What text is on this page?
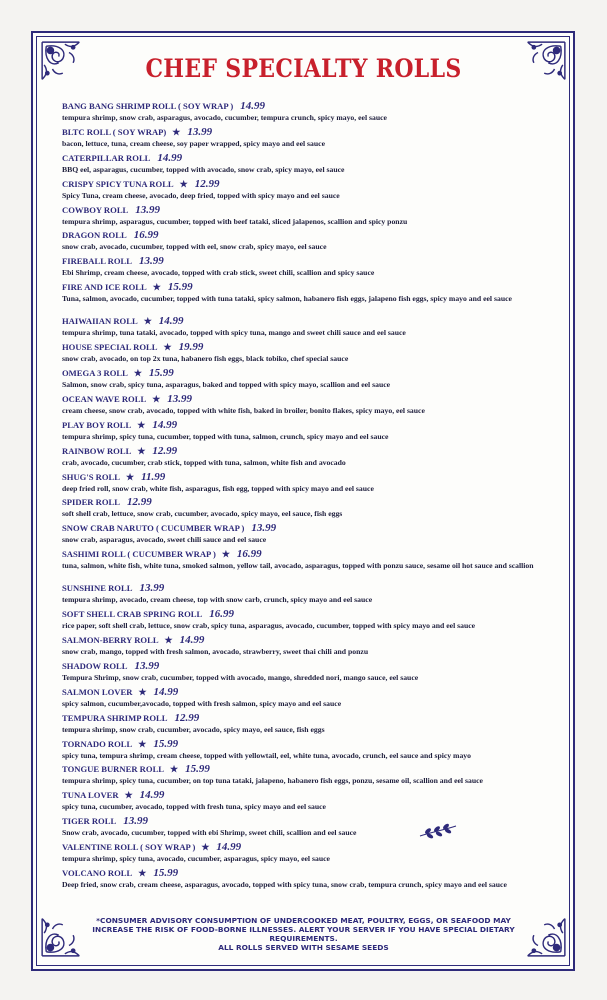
CHEF SPECIALTY ROLLS
BANG BANG SHRIMP ROLL ( SOY WRAP ) 14.99
tempura shrimp, snow crab, asparagus, avocado, cucumber, tempura crunch, spicy mayo, eel sauce
BLTC ROLL ( SOY WRAP) ★ 13.99
bacon, lettuce, tuna, cream cheese, soy paper wrapped, spicy mayo and eel sauce
CATERPILLAR ROLL 14.99
BBQ eel, asparagus, cucumber, topped with avocado, snow crab, spicy mayo, eel sauce
CRISPY SPICY TUNA ROLL ★ 12.99
Spicy Tuna, cream cheese, avocado, deep fried, topped with spicy mayo and eel sauce
COWBOY ROLL 13.99
tempura shrimp, asparagus, cucumber, topped with beef tataki, sliced jalapenos, scallion and spicy ponzu
DRAGON ROLL 16.99
snow crab, avocado, cucumber, topped with eel, snow crab, spicy mayo, eel sauce
FIREBALL ROLL 13.99
Ebi Shrimp, cream cheese, avocado, topped with crab stick, sweet chili, scallion and spicy sauce
FIRE AND ICE ROLL ★ 15.99
Tuna, salmon, avocado, cucumber, topped with tuna tataki, spicy salmon, habanero fish eggs, jalapeno fish eggs, spicy mayo and eel sauce
HAIWAIIAN ROLL ★ 14.99
tempura shrimp, tuna tataki, avocado, topped with spicy tuna, mango and sweet chili sauce and eel sauce
HOUSE SPECIAL ROLL ★ 19.99
snow crab, avocado, on top 2x tuna, habanero fish eggs, black tobiko, chef special sauce
OMEGA 3 ROLL ★ 15.99
Salmon, snow crab, spicy tuna, asparagus, baked and topped with spicy mayo, scallion and eel sauce
OCEAN WAVE ROLL ★ 13.99
cream cheese, snow crab, avocado, topped with white fish, baked in broiler, bonito flakes, spicy mayo, eel sauce
PLAY BOY ROLL ★ 14.99
tempura shrimp, spicy tuna, cucumber, topped with tuna, salmon, crunch, spicy mayo and eel sauce
RAINBOW ROLL ★ 12.99
crab, avocado, cucumber, crab stick, topped with tuna, salmon, white fish and avocado
SHUG'S ROLL ★ 11.99
deep fried roll, snow crab, white fish, asparagus, fish egg, topped with spicy mayo and eel sauce
SPIDER ROLL 12.99
soft shell crab, lettuce, snow crab, cucumber, avocado, spicy mayo, eel sauce, fish eggs
SNOW CRAB NARUTO ( CUCUMBER WRAP ) 13.99
snow crab, asparagus, avocado, sweet chili sauce and eel sauce
SASHIMI ROLL ( CUCUMBER WRAP ) ★ 16.99
tuna, salmon, white fish, white tuna, smoked salmon, yellow tail, avocado, asparagus, topped with ponzu sauce, sesame oil hot sauce and scallion
SUNSHINE ROLL 13.99
tempura shrimp, avocado, cream cheese, top with snow carb, crunch, spicy mayo and eel sauce
SOFT SHELL CRAB SPRING ROLL 16.99
rice paper, soft shell crab, lettuce, snow crab, spicy tuna, asparagus, avocado, cucumber, topped with spicy mayo and eel sauce
SALMON-BERRY ROLL ★ 14.99
snow crab, mango, topped with fresh salmon, avocado, strawberry, sweet thai chili and ponzu
SHADOW ROLL 13.99
Tempura Shrimp, snow crab, cucumber, topped with avocado, mango, shredded nori, mango sauce, eel sauce
SALMON LOVER ★ 14.99
spicy salmon, cucumber,avocado, topped with fresh salmon, spicy mayo and eel sauce
TEMPURA SHRIMP ROLL 12.99
tempura shrimp, snow crab, cucumber, avocado, spicy mayo, eel sauce, fish eggs
TORNADO ROLL ★ 15.99
spicy tuna, tempura shrimp, cream cheese, topped with yellowtail, eel, white tuna, avocado, crunch, eel sauce and spicy mayo
TONGUE BURNER ROLL ★ 15.99
tempura shrimp, spicy tuna, cucumber, on top tuna tataki, jalapeno, habanero fish eggs, ponzu, sesame oil, scallion and eel sauce
TUNA LOVER ★ 14.99
spicy tuna, cucumber, avocado, topped with fresh tuna, spicy mayo and eel sauce
TIGER ROLL 13.99
Snow crab, avocado, cucumber, topped with ebi Shrimp, sweet chili, scallion and eel sauce
VALENTINE ROLL ( SOY WRAP ) ★ 14.99
tempura shrimp, spicy tuna, avocado, cucumber, asparagus, spicy mayo, eel sauce
VOLCANO ROLL ★ 15.99
Deep fried, snow crab, cream cheese, asparagus, avocado, topped with spicy tuna, snow crab, tempura crunch, spicy mayo and eel sauce
*CONSUMER ADVISORY CONSUMPTION OF UNDERCOOKED MEAT, POULTRY, EGGS, OR SEAFOOD MAY
INCREASE THE RISK OF FOOD-BORNE ILLNESSES. ALERT YOUR SERVER IF YOU HAVE SPECIAL DIETARY
REQUIREMENTS.
ALL ROLLS SERVED WITH SESAME SEEDS
